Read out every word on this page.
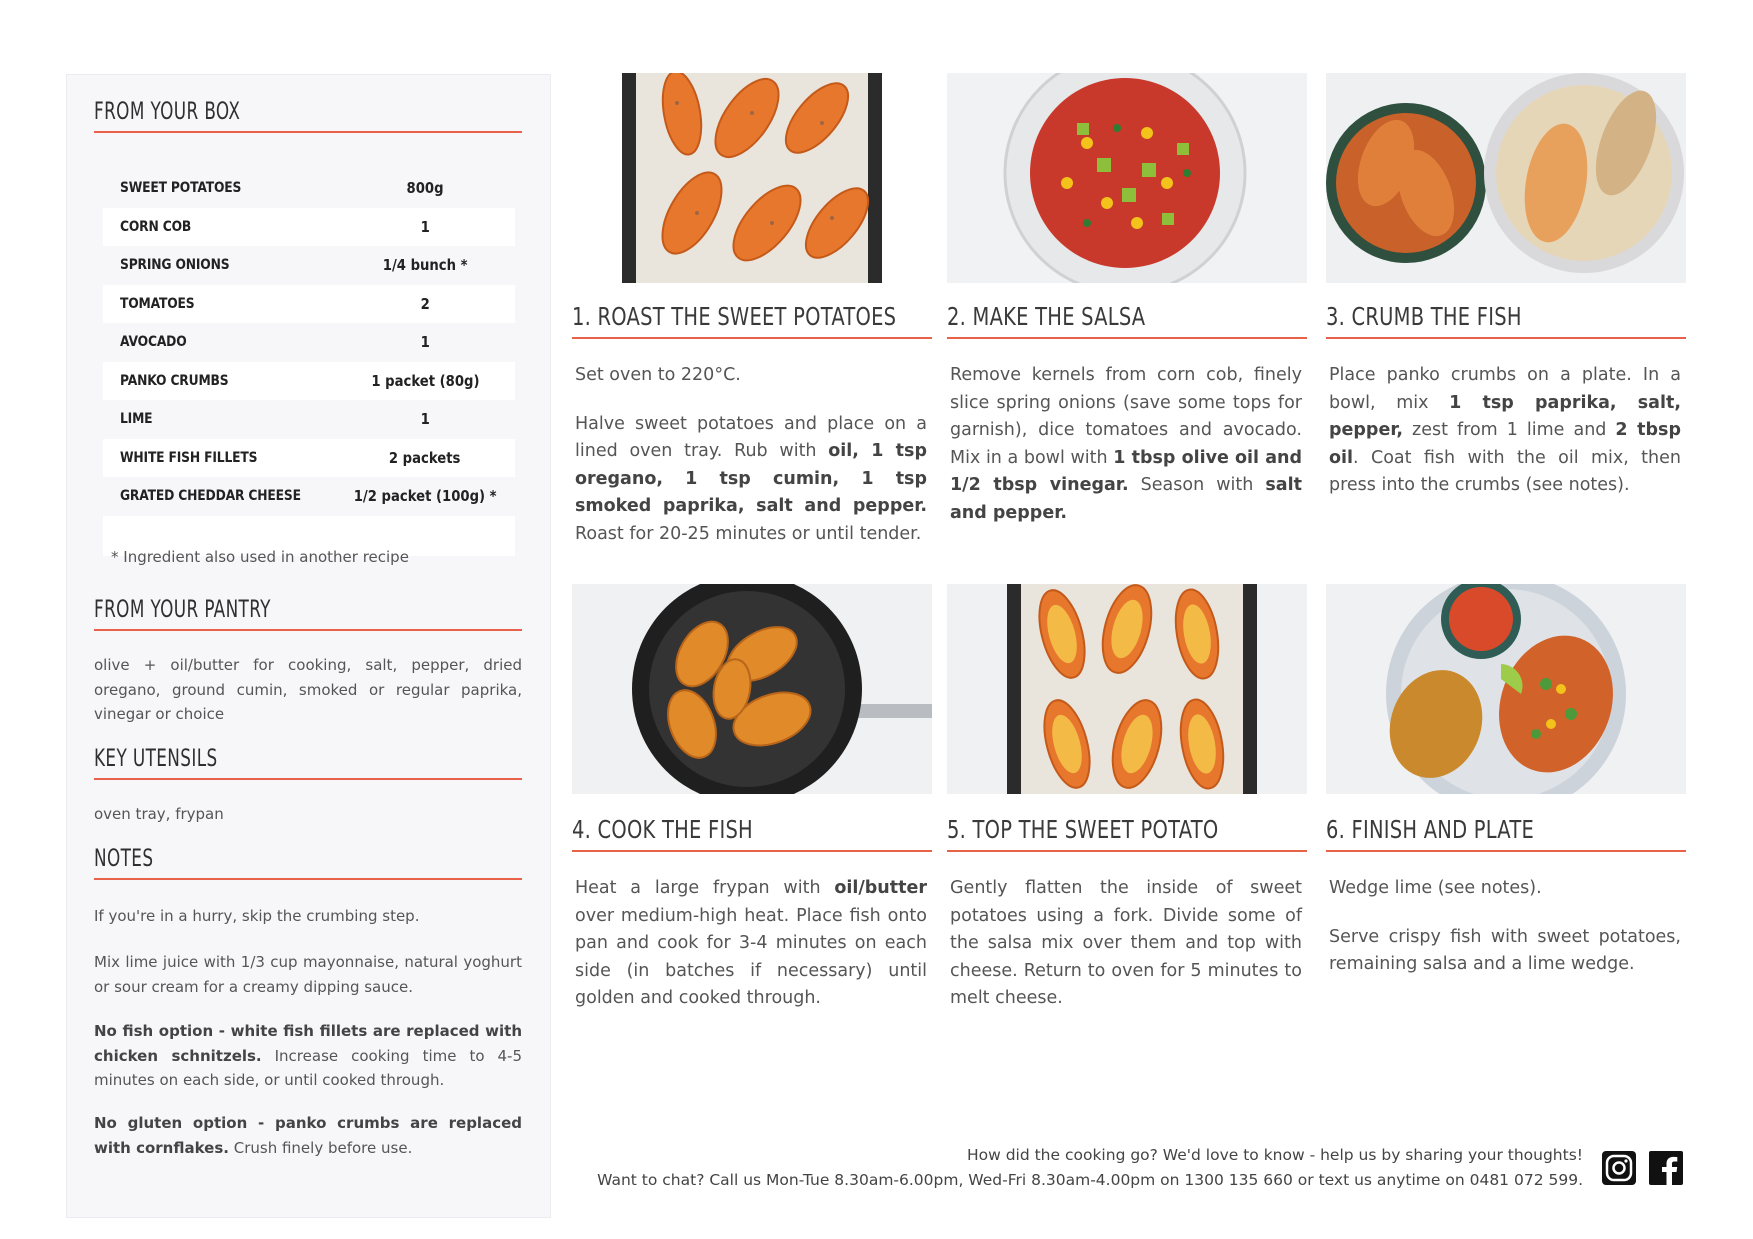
FROM YOUR BOX
SWEET POTATOES	800g
CORN COB	1
SPRING ONIONS	1/4 bunch *
TOMATOES	2
AVOCADO	1
PANKO CRUMBS	1 packet (80g)
LIME	1
WHITE FISH FILLETS	2 packets
GRATED CHEDDAR CHEESE	1/2 packet (100g) *
* Ingredient also used in another recipe
FROM YOUR PANTRY
olive + oil/butter for cooking, salt, pepper, dried oregano, ground cumin, smoked or regular paprika, vinegar or choice
KEY UTENSILS
oven tray, frypan
NOTES
If you're in a hurry, skip the crumbing step.
Mix lime juice with 1/3 cup mayonnaise, natural yoghurt or sour cream for a creamy dipping sauce.
No fish option - white fish fillets are replaced with chicken schnitzels. Increase cooking time to 4-5 minutes on each side, or until cooked through.
No gluten option - panko crumbs are replaced with cornflakes. Crush finely before use.
1. ROAST THE SWEET POTATOES	2. MAKE THE SALSA	3. CRUMB THE FISH
4. COOK THE FISH	5. TOP THE SWEET POTATO	6. FINISH AND PLATE

Set oven to 220°C.

Halve sweet potatoes and place on a lined oven tray. Rub with oil, 1 tsp oregano, 1 tsp cumin, 1 tsp smoked paprika, salt and pepper. Roast for 20-25 minutes or until tender.

Remove kernels from corn cob, finely slice spring onions (save some tops for garnish), dice tomatoes and avocado. Mix in a bowl with 1 tbsp olive oil and 1/2 tbsp vinegar. Season with salt and pepper.

Place panko crumbs on a plate. In a bowl, mix 1 tsp paprika, salt, pepper, zest from 1 lime and 2 tbsp oil. Coat fish with the oil mix, then press into the crumbs (see notes).

Heat a large frypan with oil/butter over medium-high heat. Place fish onto pan and cook for 3-4 minutes on each side (in batches if necessary) until golden and cooked through.

Gently flatten the inside of sweet potatoes using a fork. Divide some of the salsa mix over them and top with cheese. Return to oven for 5 minutes to melt cheese.

Wedge lime (see notes).

Serve crispy fish with sweet potatoes, remaining salsa and a lime wedge.

How did the cooking go? We'd love to know - help us by sharing your thoughts!
Want to chat? Call us Mon-Tue 8.30am-6.00pm, Wed-Fri 8.30am-4.00pm on 1300 135 660 or text us anytime on 0481 072 599.
